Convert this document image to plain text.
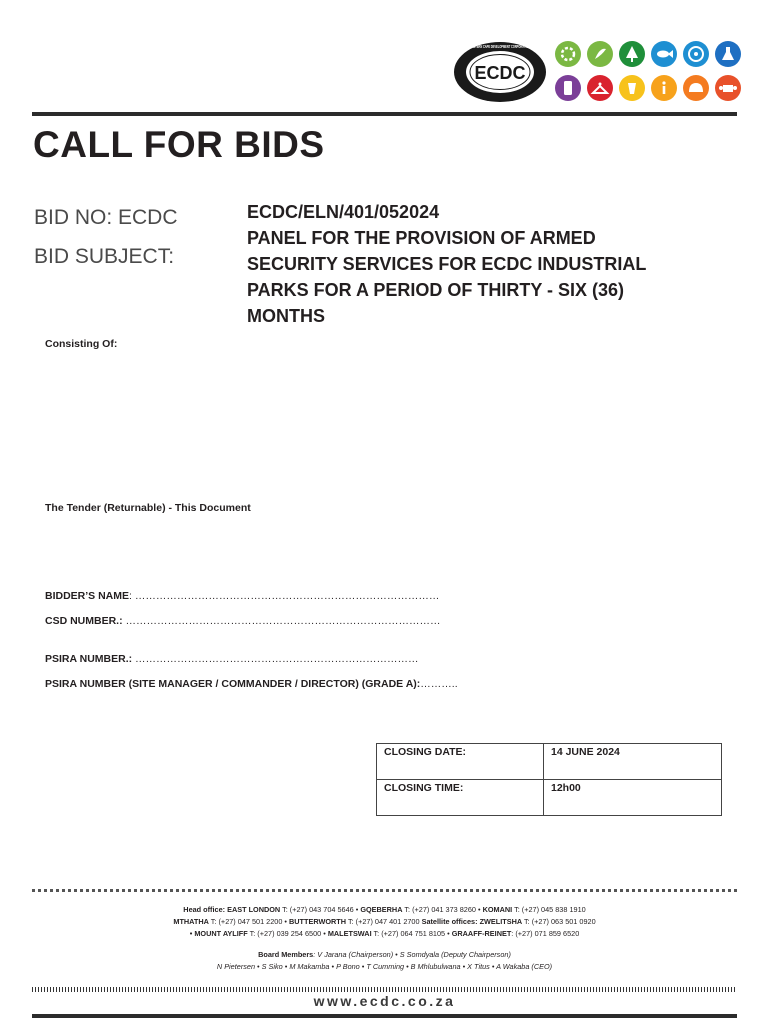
ECDC
EASTERN CAPE DEVELOPMENT CORPORATION
CALL FOR BIDS
BID NO: ECDC
BID SUBJECT:
ECDC/ELN/401/052024
PANEL FOR THE PROVISION OF ARMED
SECURITY SERVICES FOR ECDC INDUSTRIAL
PARKS FOR A PERIOD OF THIRTY - SIX (36)
MONTHS
Consisting Of:
The Tender (Returnable) - This Document
BIDDER’S NAME: ……………………………………………………………………………
CSD NUMBER.: ………………………………………………………………………………
PSIRA NUMBER.: ………………………………………………………………………
PSIRA NUMBER (SITE MANAGER / COMMANDER / DIRECTOR) (GRADE A):………..
CLOSING DATE:	14 JUNE 2024
CLOSING TIME:	12h00
Head office: EAST LONDON T: (+27) 043 704 5646 • GQEBERHA T: (+27) 041 373 8260 • KOMANI T: (+27) 045 838 1910
MTHATHA T: (+27) 047 501 2200 • BUTTERWORTH T: (+27) 047 401 2700 Satellite offices: ZWELITSHA T: (+27) 063 501 0920
• MOUNT AYLIFF T: (+27) 039 254 6500 • MALETSWAI T: (+27) 064 751 8105 • GRAAFF-REINET: (+27) 071 859 6520
Board Members: V Jarana (Chairperson) • S Somdyala (Deputy Chairperson)
N Pietersen • S Siko • M Makamba • P Bono • T Cumming • B Mhlubulwana • X Titus • A Wakaba (CEO)
www.ecdc.co.za
